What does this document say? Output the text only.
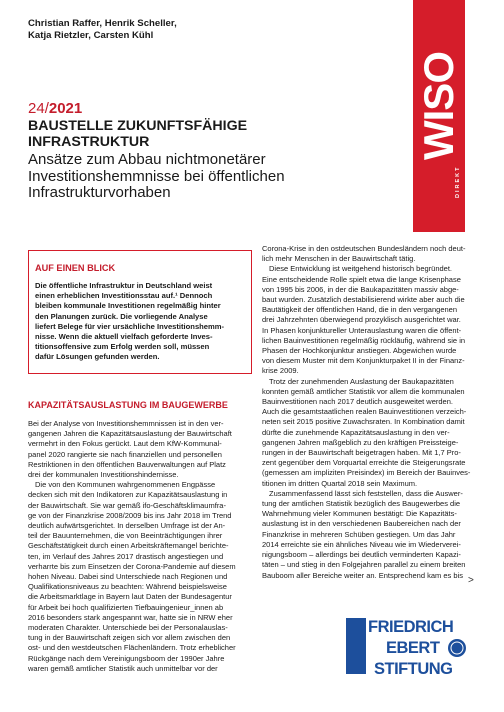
Christian Raffer, Henrik Scheller,
Katja Rietzler, Carsten Kühl
WISO
DIREKT
24/2021
BAUSTELLE ZUKUNFTSFÄHIGE
INFRASTRUKTUR
Ansätze zum Abbau nichtmonetärer
Investitionshemmnisse bei öffentlichen
Infrastrukturvorhaben
AUF EINEN BLICK
Die öffentliche Infrastruktur in Deutschland weist
einen erheblichen Investitionsstau auf.¹ Dennoch
bleiben kommunale Investitionen regelmäßig hinter
den Planungen zurück. Die vorliegende Analyse
liefert Belege für vier ursächliche Investitionshemm-
nisse. Wenn die aktuell vielfach geforderte Inves-
titionsoffensive zum Erfolg werden soll, müssen
dafür Lösungen gefunden werden.
KAPAZITÄTSAUSLASTUNG IM BAUGEWERBE
Bei der Analyse von Investitionshemmnissen ist in den ver-
gangenen Jahren die Kapazitätsauslastung der Bauwirtschaft
vermehrt in den Fokus gerückt. Laut dem KfW-Kommunal-
panel 2020 rangierte sie nach finanziellen und personellen
Restriktionen in den öffentlichen Bauverwaltungen auf Platz
drei der kommunalen Investitionshindernisse.
Die von den Kommunen wahrgenommenen Engpässe
decken sich mit den Indikatoren zur Kapazitätsauslastung in
der Bauwirtschaft. Sie war gemäß ifo-Geschäftsklimaumfra-
ge von der Finanzkrise 2008/2009 bis ins Jahr 2018 im Trend
deutlich aufwärtsgerichtet. In derselben Umfrage ist der An-
teil der Bauunternehmen, die von Beeinträchtigungen ihrer
Geschäftstätigkeit durch einen Arbeitskräftemangel berichte-
ten, im Verlauf des Jahres 2017 drastisch angestiegen und
verharrte bis zum Einsetzen der Corona-Pandemie auf diesem
hohen Niveau. Dabei sind Unterschiede nach Regionen und
Qualifikationsniveaus zu beachten: Während beispielsweise
die Arbeitsmarktlage in Bayern laut Daten der Bundesagentur
für Arbeit bei hoch qualifizierten Tiefbauingenieur_innen ab
2016 besonders stark angespannt war, hatte sie in NRW eher
moderaten Charakter. Unterschiede bei der Personalauslas-
tung in der Bauwirtschaft zeigen sich vor allem zwischen den
ost- und den westdeutschen Flächenländern. Trotz erheblicher
Rückgänge nach dem Vereinigungsboom der 1990er Jahre
waren gemäß amtlicher Statistik auch unmittelbar vor der
Corona-Krise in den ostdeutschen Bundesländern noch deut-
lich mehr Menschen in der Bauwirtschaft tätig.
Diese Entwicklung ist weitgehend historisch begründet.
Eine entscheidende Rolle spielt etwa die lange Krisenphase
von 1995 bis 2006, in der die Baukapazitäten massiv abge-
baut wurden. Zusätzlich destabilisierend wirkte aber auch die
Bautätigkeit der öffentlichen Hand, die in den vergangenen
drei Jahrzehnten überwiegend prozyklisch ausgerichtet war.
In Phasen konjunktureller Unterauslastung waren die öffent-
lichen Bauinvestitionen regelmäßig rückläufig, während sie in
Phasen der Hochkonjunktur anstiegen. Abgewichen wurde
von diesem Muster mit dem Konjunkturpaket II in der Finanz-
krise 2009.
Trotz der zunehmenden Auslastung der Baukapazitäten
konnten gemäß amtlicher Statistik vor allem die kommunalen
Bauinvestitionen nach 2017 deutlich ausgeweitet werden.
Auch die gesamtstaatlichen realen Bauinvestitionen verzeich-
neten seit 2015 positive Zuwachsraten. In Kombination damit
dürfte die zunehmende Kapazitätsauslastung in den ver-
gangenen Jahren maßgeblich zu den kräftigen Preissteige-
rungen in der Bauwirtschaft beigetragen haben. Mit 1,7 Pro-
zent gegenüber dem Vorquartal erreichte die Steigerungsrate
(gemessen am impliziten Preisindex) im Bereich der Bauinves-
titionen im dritten Quartal 2018 sein Maximum.
Zusammenfassend lässt sich feststellen, dass die Auswer-
tung der amtlichen Statistik bezüglich des Baugewerbes die
Wahrnehmung vieler Kommunen bestätigt: Die Kapazitäts-
auslastung ist in den verschiedenen Baubereichen nach der
Finanzkrise in mehreren Schüben gestiegen. Um das Jahr
2014 erreichte sie ein ähnliches Niveau wie im Wiederverei-
nigungsboom – allerdings bei deutlich verminderten Kapazi-
täten – und stieg in den Folgejahren parallel zu einem breiten
Bauboom aller Bereiche weiter an. Entsprechend kam es bis >
FRIEDRICH
EBERT
STIFTUNG
